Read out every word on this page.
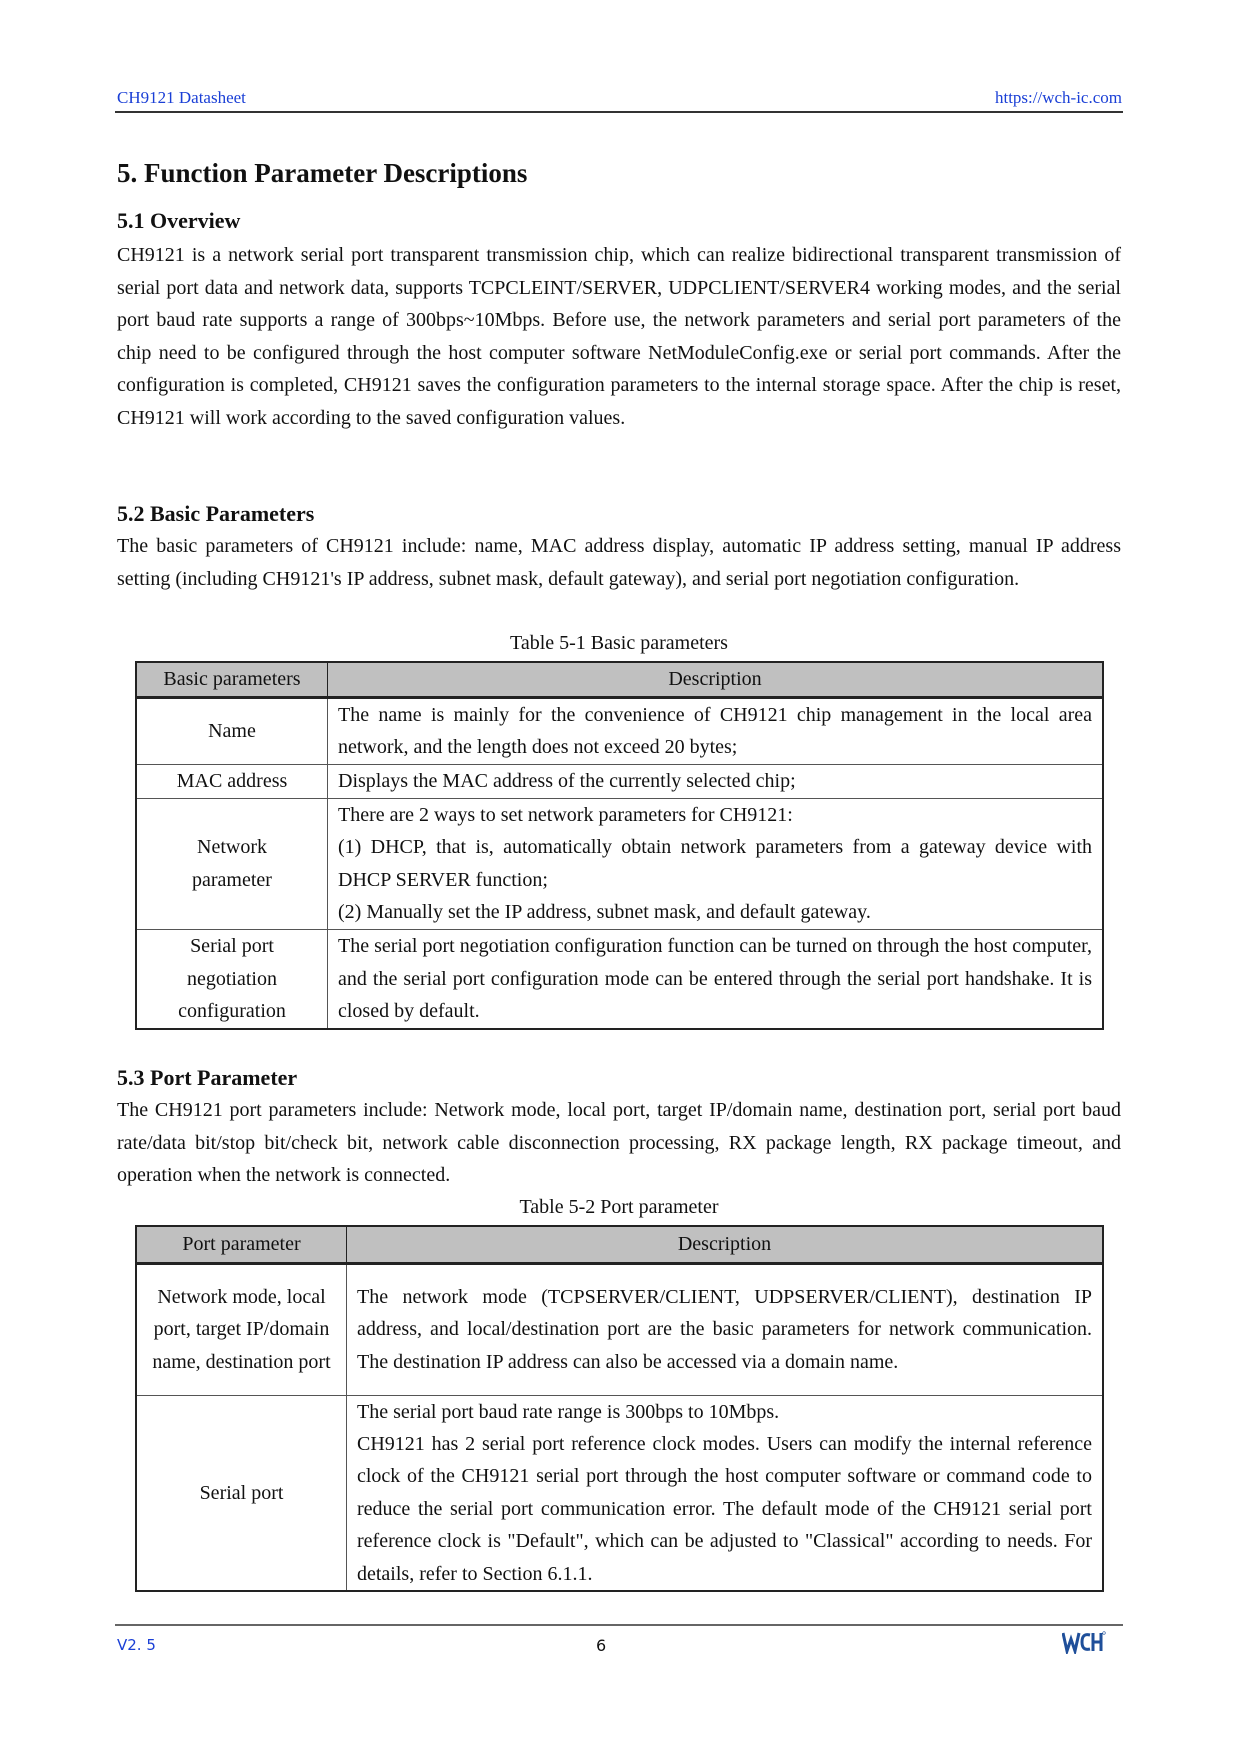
CH9121 Datasheet	https://wch-ic.com
5. Function Parameter Descriptions
5.1 Overview

CH9121 is a network serial port transparent transmission chip, which can realize bidirectional transparent transmission of serial port data and network data, supports TCPCLEINT/SERVER, UDPCLIENT/SERVER4 working modes, and the serial port baud rate supports a range of 300bps~10Mbps. Before use, the network parameters and serial port parameters of the chip need to be configured through the host computer software NetModuleConfig.exe or serial port commands. After the configuration is completed, CH9121 saves the configuration parameters to the internal storage space. After the chip is reset, CH9121 will work according to the saved configuration values.

5.2 Basic Parameters

The basic parameters of CH9121 include: name, MAC address display, automatic IP address setting, manual IP address setting (including CH9121's IP address, subnet mask, default gateway), and serial port negotiation configuration.

Table 5-1 Basic parameters
Basic parameters	Description
Name	The name is mainly for the convenience of CH9121 chip management in the local area network, and the length does not exceed 20 bytes;
MAC address	Displays the MAC address of the currently selected chip;
Network parameter	There are 2 ways to set network parameters for CH9121:
(1) DHCP, that is, automatically obtain network parameters from a gateway device with DHCP SERVER function;
(2) Manually set the IP address, subnet mask, and default gateway.

Serial port negotiation configuration	The serial port negotiation configuration function can be turned on through the host computer, and the serial port configuration mode can be entered through the serial port handshake. It is closed by default.
5.3 Port Parameter

The CH9121 port parameters include: Network mode, local port, target IP/domain name, destination port, serial port baud rate/data bit/stop bit/check bit, network cable disconnection processing, RX package length, RX package timeout, and operation when the network is connected.

Table 5-2 Port parameter
Port parameter	Description
Network mode, local port, target IP/domain name, destination port	The network mode (TCPSERVER/CLIENT, UDPSERVER/CLIENT), destination IP address, and local/destination port are the basic parameters for network communication. The destination IP address can also be accessed via a domain name.
Serial port	The serial port baud rate range is 300bps to 10Mbps.
CH9121 has 2 serial port reference clock modes. Users can modify the internal reference clock of the CH9121 serial port through the host computer software or command code to reduce the serial port communication error. The default mode of the CH9121 serial port reference clock is "Default", which can be adjusted to "Classical" according to needs. For details, refer to Section 6.1.1.
V2. 5	6
